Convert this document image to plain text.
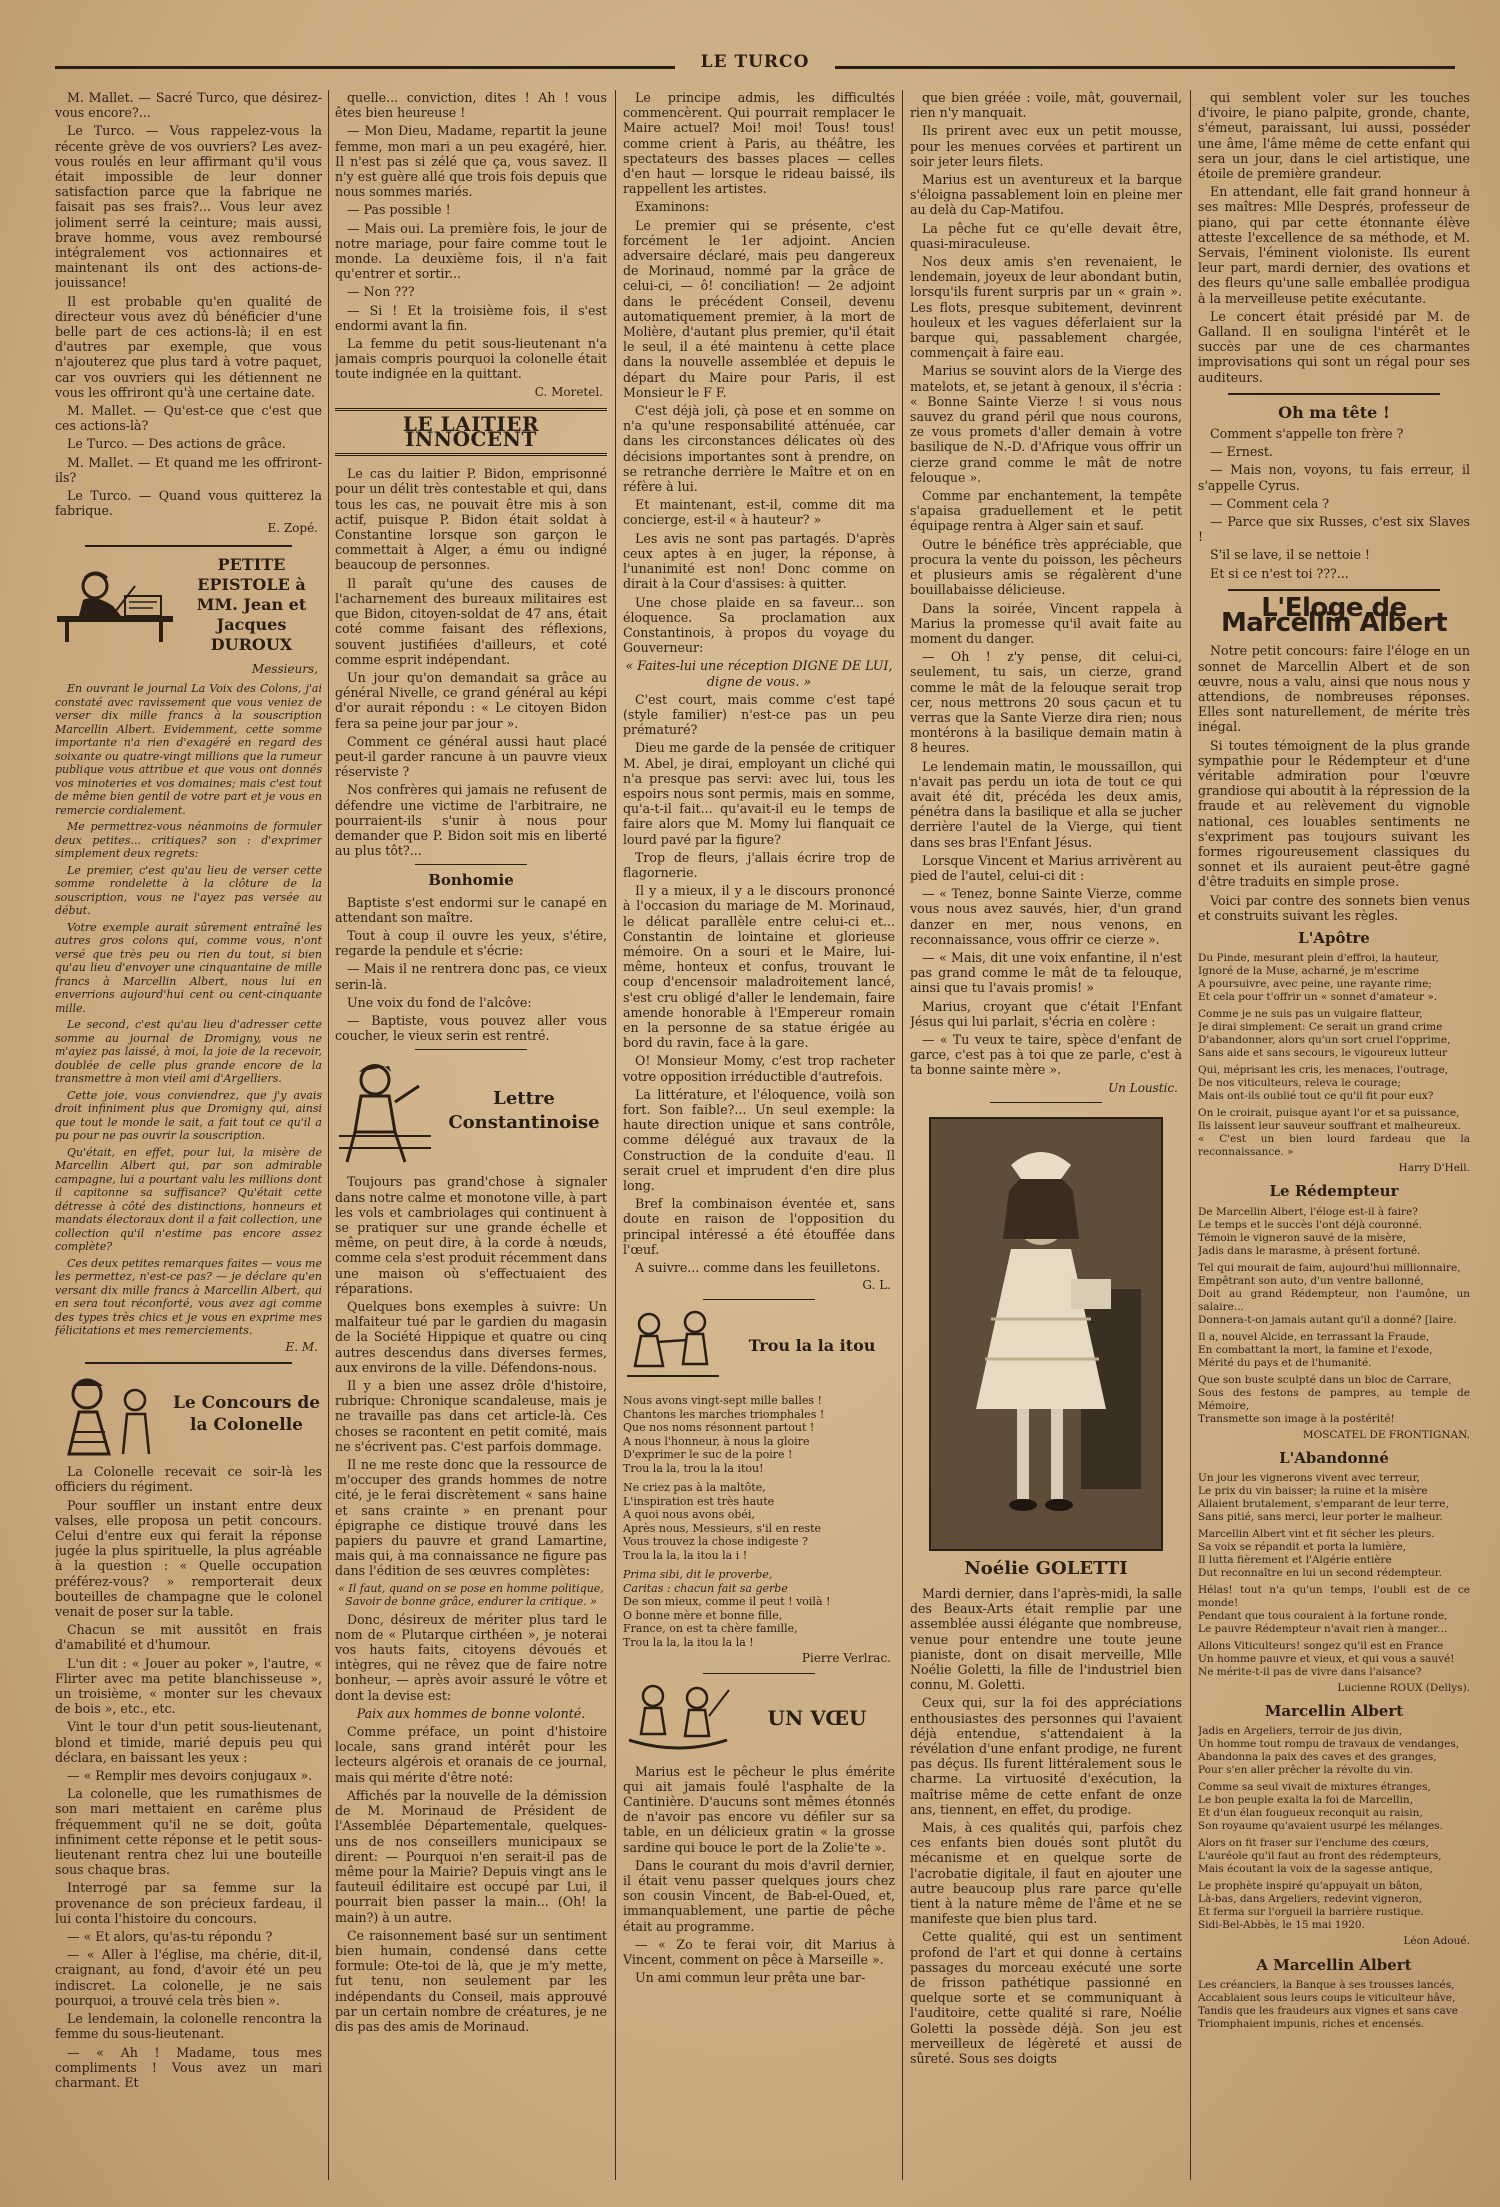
LE TURCO

M. Mallet. — Sacré Turco, que désirez-vous encore?...

Le Turco. — Vous rappelez-vous la récente grève de vos ouvriers? Les avez-vous roulés en leur affirmant qu'il vous était impossible de leur donner satisfaction parce que la fabrique ne faisait pas ses frais?... Vous leur avez joliment serré la ceinture; mais aussi, brave homme, vous avez remboursé intégralement vos actionnaires et maintenant ils ont des actions-de-jouissance!

Il est probable qu'en qualité de directeur vous avez dû bénéficier d'une belle part de ces actions-là; il en est d'autres par exemple, que vous n'ajouterez que plus tard à votre paquet, car vos ouvriers qui les détiennent ne vous les offriront qu'à une certaine date.

M. Mallet. — Qu'est-ce que c'est que ces actions-là?

Le Turco. — Des actions de grâce.

M. Mallet. — Et quand me les offriront-ils?

Le Turco. — Quand vous quitterez la fabrique.

E. Zopé.
PETITE EPISTOLE à MM. Jean et Jacques DUROUX

Messieurs,

En ouvrant le journal La Voix des Colons, j'ai constaté avec ravissement que vous veniez de verser dix mille francs à la souscription Marcellin Albert. Evidemment, cette somme importante n'a rien d'exagéré en regard des soixante ou quatre-vingt millions que la rumeur publique vous attribue et que vous ont donnés vos minoteries et vos domaines; mais c'est tout de même bien gentil de votre part et je vous en remercie cordialement.

Me permettrez-vous néanmoins de formuler deux petites... critiques? son : d'exprimer simplement deux regrets:

Le premier, c'est qu'au lieu de verser cette somme rondelette à la clôture de la souscription, vous ne l'ayez pas versée au début.

Votre exemple aurait sûrement entraîné les autres gros colons qui, comme vous, n'ont versé que très peu ou rien du tout, si bien qu'au lieu d'envoyer une cinquantaine de mille francs à Marcellin Albert, nous lui en enverrions aujourd'hui cent ou cent-cinquante mille.

Le second, c'est qu'au lieu d'adresser cette somme au journal de Dromigny, vous ne m'ayiez pas laissé, à moi, la joie de la recevoir, doublée de celle plus grande encore de la transmettre à mon vieil ami d'Argelliers.

Cette joie, vous conviendrez, que j'y avais droit infiniment plus que Dromigny qui, ainsi que tout le monde le sait, a fait tout ce qu'il a pu pour ne pas ouvrir la souscription.

Qu'était, en effet, pour lui, la misère de Marcellin Albert qui, par son admirable campagne, lui a pourtant valu les millions dont il capitonne sa suffisance? Qu'était cette détresse à côté des distinctions, honneurs et mandats électoraux dont il a fait collection, une collection qu'il n'estime pas encore assez complète?

Ces deux petites remarques faites — vous me les permettez, n'est-ce pas? — je déclare qu'en versant dix mille francs à Marcellin Albert, qui en sera tout réconforté, vous avez agi comme des types très chics et je vous en exprime mes félicitations et mes remerciements.

E. M.
Le Concours de la Colonelle

La Colonelle recevait ce soir-là les officiers du régiment.

Pour souffler un instant entre deux valses, elle proposa un petit concours. Celui d'entre eux qui ferait la réponse jugée la plus spirituelle, la plus agréable à la question : « Quelle occupation préférez-vous? » remporterait deux bouteilles de champagne que le colonel venait de poser sur la table.

Chacun se mit aussitôt en frais d'amabilité et d'humour.

L'un dit : « Jouer au poker », l'autre, « Flirter avec ma petite blanchisseuse », un troisième, « monter sur les chevaux de bois », etc., etc.

Vint le tour d'un petit sous-lieutenant, blond et timide, marié depuis peu qui déclara, en baissant les yeux :

— « Remplir mes devoirs conjugaux ».

La colonelle, que les rumathismes de son mari mettaient en carême plus fréquemment qu'il ne se doit, goûta infiniment cette réponse et le petit sous-lieutenant rentra chez lui une bouteille sous chaque bras.

Interrogé par sa femme sur la provenance de son précieux fardeau, il lui conta l'histoire du concours.

— « Et alors, qu'as-tu répondu ?

— « Aller à l'église, ma chérie, dit-il, craignant, au fond, d'avoir été un peu indiscret. La colonelle, je ne sais pourquoi, a trouvé cela très bien ».

Le lendemain, la colonelle rencontra la femme du sous-lieutenant.

— « Ah ! Madame, tous mes compliments ! Vous avez un mari charmant. Et

quelle... conviction, dites ! Ah ! vous êtes bien heureuse !

— Mon Dieu, Madame, repartit la jeune femme, mon mari a un peu exagéré, hier. Il n'est pas si zélé que ça, vous savez. Il n'y est guère allé que trois fois depuis que nous sommes mariés.

— Pas possible !

— Mais oui. La première fois, le jour de notre mariage, pour faire comme tout le monde. La deuxième fois, il n'a fait qu'entrer et sortir...

— Non ???

— Si ! Et la troisième fois, il s'est endormi avant la fin.

La femme du petit sous-lieutenant n'a jamais compris pourquoi la colonelle était toute indignée en la quittant.

C. Moretel.
LE LAITIER INNOCENT

Le cas du laitier P. Bidon, emprisonné pour un délit très contestable et qui, dans tous les cas, ne pouvait être mis à son actif, puisque P. Bidon était soldat à Constantine lorsque son garçon le commettait à Alger, a ému ou indigné beaucoup de personnes.

Il paraît qu'une des causes de l'acharnement des bureaux militaires est que Bidon, citoyen-soldat de 47 ans, était coté comme faisant des réflexions, souvent justifiées d'ailleurs, et coté comme esprit indépendant.

Un jour qu'on demandait sa grâce au général Nivelle, ce grand général au képi d'or aurait répondu : « Le citoyen Bidon fera sa peine jour par jour ».

Comment ce général aussi haut placé peut-il garder rancune à un pauvre vieux réserviste ?

Nos confrères qui jamais ne refusent de défendre une victime de l'arbitraire, ne pourraient-ils s'unir à nous pour demander que P. Bidon soit mis en liberté au plus tôt?...

Bonhomie

Baptiste s'est endormi sur le canapé en attendant son maître.

Tout à coup il ouvre les yeux, s'étire, regarde la pendule et s'écrie:

— Mais il ne rentrera donc pas, ce vieux serin-là.

Une voix du fond de l'alcôve:

— Baptiste, vous pouvez aller vous coucher, le vieux serin est rentré.

Lettre Constantinoise

Toujours pas grand'chose à signaler dans notre calme et monotone ville, à part les vols et cambriolages qui continuent à se pratiquer sur une grande échelle et même, on peut dire, à la corde à nœuds, comme cela s'est produit récemment dans une maison où s'effectuaient des réparations.

Quelques bons exemples à suivre: Un malfaiteur tué par le gardien du magasin de la Société Hippique et quatre ou cinq autres descendus dans diverses fermes, aux environs de la ville. Défendons-nous.

Il y a bien une assez drôle d'histoire, rubrique: Chronique scandaleuse, mais je ne travaille pas dans cet article-là. Ces choses se racontent en petit comité, mais ne s'écrivent pas. C'est parfois dommage.

Il ne me reste donc que la ressource de m'occuper des grands hommes de notre cité, je le ferai discrètement « sans haine et sans crainte » en prenant pour épigraphe ce distique trouvé dans les papiers du pauvre et grand Lamartine, mais qui, à ma connaissance ne figure pas dans l'édition de ses œuvres complètes:

« Il faut, quand on se pose en homme politique, Savoir de bonne grâce, endurer la critique. »

Donc, désireux de mériter plus tard le nom de « Plutarque cirthéen », je noterai vos hauts faits, citoyens dévoués et intègres, qui ne rêvez que de faire notre bonheur, — après avoir assuré le vôtre et dont la devise est:

Paix aux hommes de bonne volonté.

Comme préface, un point d'histoire locale, sans grand intérêt pour les lecteurs algérois et oranais de ce journal, mais qui mérite d'être noté:

Affichés par la nouvelle de la démission de M. Morinaud de Président de l'Assemblée Départementale, quelques-uns de nos conseillers municipaux se dirent: — Pourquoi n'en serait-il pas de même pour la Mairie? Depuis vingt ans le fauteuil édilitaire est occupé par Lui, il pourrait bien passer la main... (Oh! la main?) à un autre.

Ce raisonnement basé sur un sentiment bien humain, condensé dans cette formule: Ote-toi de là, que je m'y mette, fut tenu, non seulement par les indépendants du Conseil, mais approuvé par un certain nombre de créatures, je ne dis pas des amis de Morinaud.

Le principe admis, les difficultés commencèrent. Qui pourrait remplacer le Maire actuel? Moi! moi! Tous! tous! comme crient à Paris, au théâtre, les spectateurs des basses places — celles d'en haut — lorsque le rideau baissé, ils rappellent les artistes.

Examinons:

Le premier qui se présente, c'est forcément le 1er adjoint. Ancien adversaire déclaré, mais peu dangereux de Morinaud, nommé par la grâce de celui-ci, — ô! conciliation! — 2e adjoint dans le précédent Conseil, devenu automatiquement premier, à la mort de Molière, d'autant plus premier, qu'il était le seul, il a été maintenu à cette place dans la nouvelle assemblée et depuis le départ du Maire pour Paris, il est Monsieur le F F.

C'est déjà joli, çà pose et en somme on n'a qu'une responsabilité atténuée, car dans les circonstances délicates où des décisions importantes sont à prendre, on se retranche derrière le Maître et on en réfère à lui.

Et maintenant, est-il, comme dit ma concierge, est-il « à hauteur? »

Les avis ne sont pas partagés. D'après ceux aptes à en juger, la réponse, à l'unanimité est non! Donc comme on dirait à la Cour d'assises: à quitter.

Une chose plaide en sa faveur... son éloquence. Sa proclamation aux Constantinois, à propos du voyage du Gouverneur:

« Faites-lui une réception DIGNE DE LUI, digne de vous. »

C'est court, mais comme c'est tapé (style familier) n'est-ce pas un peu prématuré?

Dieu me garde de la pensée de critiquer M. Abel, je dirai, employant un cliché qui n'a presque pas servi: avec lui, tous les espoirs nous sont permis, mais en somme, qu'a-t-il fait... qu'avait-il eu le temps de faire alors que M. Momy lui flanquait ce lourd pavé par la figure?

Trop de fleurs, j'allais écrire trop de flagornerie.

Il y a mieux, il y a le discours prononcé à l'occasion du mariage de M. Morinaud, le délicat parallèle entre celui-ci et... Constantin de lointaine et glorieuse mémoire. On a souri et le Maire, lui-même, honteux et confus, trouvant le coup d'encensoir maladroitement lancé, s'est cru obligé d'aller le lendemain, faire amende honorable à l'Empereur romain en la personne de sa statue érigée au bord du ravin, face à la gare.

O! Monsieur Momy, c'est trop racheter votre opposition irréductible d'autrefois.

La littérature, et l'éloquence, voilà son fort. Son faible?... Un seul exemple: la haute direction unique et sans contrôle, comme délégué aux travaux de la Construction de la conduite d'eau. Il serait cruel et imprudent d'en dire plus long.

Bref la combinaison éventée et, sans doute en raison de l'opposition du principal intéressé a été étouffée dans l'œuf.

A suivre... comme dans les feuilletons.

G. L.
Trou la la itou
Nous avons vingt-sept mille balles !
Chantons les marches triomphales !
Que nos noms résonnent partout !
A nous l'honneur, à nous la gloire
D'exprimer le suc de la poire !
Trou la la, trou la la itou!
Ne criez pas à la maltôte,
L'inspiration est très haute
A quoi nous avons obéi,
Après nous, Messieurs, s'il en reste
Vous trouvez la chose indigeste ?
Trou la la, la itou la i !
Prima sibi, dit le proverbe,
Caritas : chacun fait sa gerbe
De son mieux, comme il peut ! voilà !
O bonne mère et bonne fille,
France, on est ta chère famille,
Trou la la, la itou la la !
Pierre Verlrac.
UN VŒU

Marius est le pêcheur le plus émérite qui ait jamais foulé l'asphalte de la Cantinière. D'aucuns sont mêmes étonnés de n'avoir pas encore vu défiler sur sa table, en un délicieux gratin « la grosse sardine qui bouce le port de la Zolie'te ».

Dans le courant du mois d'avril dernier, il était venu passer quelques jours chez son cousin Vincent, de Bab-el-Oued, et, immanquablement, une partie de pêche était au programme.

— « Zo te ferai voir, dit Marius à Vincent, comment on pêce à Marseille ».

Un ami commun leur prêta une bar-

que bien gréée : voile, mât, gouvernail, rien n'y manquait.

Ils prirent avec eux un petit mousse, pour les menues corvées et partirent un soir jeter leurs filets.

Marius est un aventureux et la barque s'éloigna passablement loin en pleine mer au delà du Cap-Matifou.

La pêche fut ce qu'elle devait être, quasi-miraculeuse.

Nos deux amis s'en revenaient, le lendemain, joyeux de leur abondant butin, lorsqu'ils furent surpris par un « grain ». Les flots, presque subitement, devinrent houleux et les vagues déferlaient sur la barque qui, passablement chargée, commençait à faire eau.

Marius se souvint alors de la Vierge des matelots, et, se jetant à genoux, il s'écria : « Bonne Sainte Vierze ! si vous nous sauvez du grand péril que nous courons, ze vous promets d'aller demain à votre basilique de N.-D. d'Afrique vous offrir un cierze grand comme le mât de notre felouque ».

Comme par enchantement, la tempête s'apaisa graduellement et le petit équipage rentra à Alger sain et sauf.

Outre le bénéfice très appréciable, que procura la vente du poisson, les pêcheurs et plusieurs amis se régalèrent d'une bouillabaisse délicieuse.

Dans la soirée, Vincent rappela à Marius la promesse qu'il avait faite au moment du danger.

— Oh ! z'y pense, dit celui-ci, seulement, tu sais, un cierze, grand comme le mât de la felouque serait trop cer, nous mettrons 20 sous çacun et tu verras que la Sante Vierze dira rien; nous montérons à la basilique demain matin à 8 heures.

Le lendemain matin, le moussaillon, qui n'avait pas perdu un iota de tout ce qui avait été dit, précéda les deux amis, pénétra dans la basilique et alla se jucher derrière l'autel de la Vierge, qui tient dans ses bras l'Enfant Jésus.

Lorsque Vincent et Marius arrivèrent au pied de l'autel, celui-ci dit :

— « Tenez, bonne Sainte Vierze, comme vous nous avez sauvés, hier, d'un grand danzer en mer, nous venons, en reconnaissance, vous offrir ce cierze ».

— « Mais, dit une voix enfantine, il n'est pas grand comme le mât de ta felouque, ainsi que tu l'avais promis! »

Marius, croyant que c'était l'Enfant Jésus qui lui parlait, s'écria en colère :

— « Tu veux te taire, spèce d'enfant de garce, c'est pas à toi que ze parle, c'est à ta bonne sainte mère ».

Un Loustic.
Noélie GOLETTI

Mardi dernier, dans l'après-midi, la salle des Beaux-Arts était remplie par une assemblée aussi élégante que nombreuse, venue pour entendre une toute jeune pianiste, dont on disait merveille, Mlle Noélie Goletti, la fille de l'industriel bien connu, M. Goletti.

Ceux qui, sur la foi des appréciations enthousiastes des personnes qui l'avaient déjà entendue, s'attendaient à la révélation d'une enfant prodige, ne furent pas déçus. Ils furent littéralement sous le charme. La virtuosité d'exécution, la maîtrise même de cette enfant de onze ans, tiennent, en effet, du prodige.

Mais, à ces qualités qui, parfois chez ces enfants bien doués sont plutôt du mécanisme et en quelque sorte de l'acrobatie digitale, il faut en ajouter une autre beaucoup plus rare parce qu'elle tient à la nature même de l'âme et ne se manifeste que bien plus tard.

Cette qualité, qui est un sentiment profond de l'art et qui donne à certains passages du morceau exécuté une sorte de frisson pathétique passionné en quelque sorte et se communiquant à l'auditoire, cette qualité si rare, Noélie Goletti la possède déjà. Son jeu est merveilleux de légèreté et aussi de sûreté. Sous ses doigts

qui semblent voler sur les touches d'ivoire, le piano palpite, gronde, chante, s'émeut, paraissant, lui aussi, posséder une âme, l'âme même de cette enfant qui sera un jour, dans le ciel artistique, une étoile de première grandeur.

En attendant, elle fait grand honneur à ses maîtres: Mlle Després, professeur de piano, qui par cette étonnante élève atteste l'excellence de sa méthode, et M. Servais, l'éminent violoniste. Ils eurent leur part, mardi dernier, des ovations et des fleurs qu'une salle emballée prodigua à la merveilleuse petite exécutante.

Le concert était présidé par M. de Galland. Il en souligna l'intérêt et le succès par une de ces charmantes improvisations qui sont un régal pour ses auditeurs.

Oh ma tête !

Comment s'appelle ton frère ?

— Ernest.

— Mais non, voyons, tu fais erreur, il s'appelle Cyrus.

— Comment cela ?

— Parce que six Russes, c'est six Slaves !

S'il se lave, il se nettoie !

Et si ce n'est toi ???...

L'Eloge de Marcellin Albert

Notre petit concours: faire l'éloge en un sonnet de Marcellin Albert et de son œuvre, nous a valu, ainsi que nous nous y attendions, de nombreuses réponses. Elles sont naturellement, de mérite très inégal.

Si toutes témoignent de la plus grande sympathie pour le Rédempteur et d'une véritable admiration pour l'œuvre grandiose qui aboutit à la répression de la fraude et au relèvement du vignoble national, ces louables sentiments ne s'expriment pas toujours suivant les formes rigoureusement classiques du sonnet et ils auraient peut-être gagné d'être traduits en simple prose.

Voici par contre des sonnets bien venus et construits suivant les règles.

L'Apôtre

Du Pinde, mesurant plein d'effroi, la hauteur,

Ignoré de la Muse, acharné, je m'escrime

A poursuivre, avec peine, une rayante rime;

Et cela pour t'offrir un « sonnet d'amateur ».

Comme je ne suis pas un vulgaire flatteur,

Je dirai simplement: Ce serait un grand crime

D'abandonner, alors qu'un sort cruel l'opprime,

Sans aide et sans secours, le vigoureux lutteur

Qui, méprisant les cris, les menaces, l'outrage,

De nos viticulteurs, releva le courage;

Mais ont-ils oublié tout ce qu'il fit pour eux?

On le croirait, puisque ayant l'or et sa puissance,

Ils laissent leur sauveur souffrant et malheureux.

« C'est un bien lourd fardeau que la reconnaissance. »

Harry D'Hell.
Le Rédempteur

De Marcellin Albert, l'éloge est-il à faire?

Le temps et le succès l'ont déjà couronné.

Témoin le vigneron sauvé de la misère,

Jadis dans le marasme, à présent fortuné.

Tel qui mourait de faim, aujourd'hui millionnaire,

Empêtrant son auto, d'un ventre ballonné,

Doit au grand Rédempteur, non l'aumône, un salaire...

Donnera-t-on jamais autant qu'il a donné? [laire.

Il a, nouvel Alcide, en terrassant la Fraude,

En combattant la mort, la famine et l'exode,

Mérité du pays et de l'humanité.

Que son buste sculpté dans un bloc de Carrare,

Sous des festons de pampres, au temple de Mémoire,

Transmette son image à la postérité!

MOSCATEL DE FRONTIGNAN.
L'Abandonné

Un jour les vignerons vivent avec terreur,

Le prix du vin baisser; la ruine et la misère

Allaient brutalement, s'emparant de leur terre,

Sans pitié, sans merci, leur porter le malheur.

Marcellin Albert vint et fit sécher les pleurs.

Sa voix se répandit et porta la lumière,

Il lutta fièrement et l'Algérie entière

Dut reconnaître en lui un second rédempteur.

Hélas! tout n'a qu'un temps, l'oubli est de ce monde!

Pendant que tous couraient à la fortune ronde,

Le pauvre Rédempteur n'avait rien à manger...

Allons Viticulteurs! songez qu'il est en France

Un homme pauvre et vieux, et qui vous a sauvé!

Ne mérite-t-il pas de vivre dans l'aisance?

Lucienne ROUX (Dellys).
Marcellin Albert

Jadis en Argeliers, terroir de jus divin,

Un homme tout rompu de travaux de vendanges,

Abandonna la paix des caves et des granges,

Pour s'en aller prêcher la révolte du vin.

Comme sa seul vivait de mixtures étranges,

Le bon peuple exalta la foi de Marcellin,

Et d'un élan fougueux reconquit au raisin,

Son royaume qu'avaient usurpé les mélanges.

Alors on fit fraser sur l'enclume des cœurs,

L'auréole qu'il faut au front des rédempteurs,

Mais écoutant la voix de la sagesse antique,

Le prophète inspiré qu'appuyait un bâton,

Là-bas, dans Argeliers, redevint vigneron,

Et ferma sur l'orgueil la barrière rustique.

Sidi-Bel-Abbès, le 15 mai 1920.

Léon Adoué.
A Marcellin Albert

Les créanciers, la Banque à ses trousses lancés,

Accablaient sous leurs coups le viticulteur hâve,

Tandis que les fraudeurs aux vignes et sans cave

Triomphaient impunis, riches et encensés.
